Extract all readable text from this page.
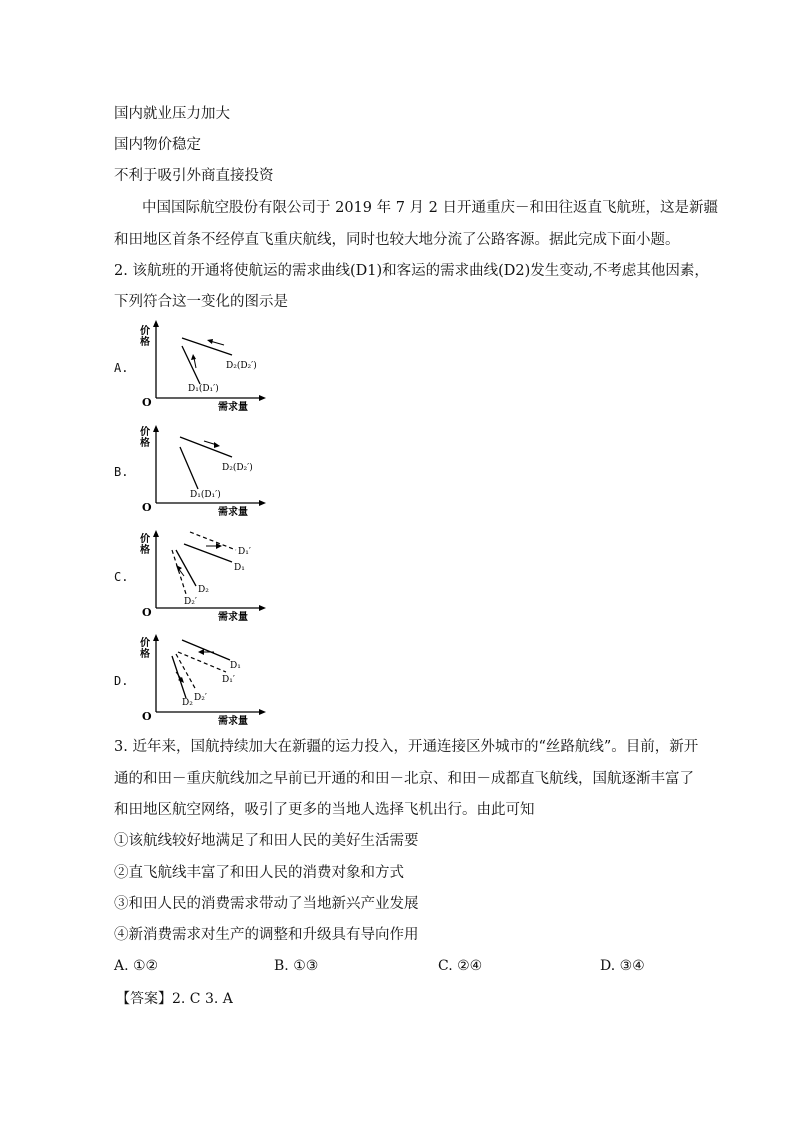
国内就业压力加大
国内物价稳定
不利于吸引外商直接投资
中国国际航空股份有限公司于 2019 年 7 月 2 日开通重庆－和田往返直飞航班，这是新疆
和田地区首条不经停直飞重庆航线，同时也较大地分流了公路客源。据此完成下面小题。
2. 该航班的开通将使航运的需求曲线(D1)和客运的需求曲线(D2)发生变动,不考虑其他因素，
下列符合这一变化的图示是
A.
价格
O	需求量
D₂(D₂′)
D₁(D₁′)
B.
价格
O	需求量
D₂(D₂′)
D₁(D₁′)
C.
价格
O	需求量
D₁′
D₁
D₂
D₂′
D.
价格
O	需求量
D₁
D₁′
D₂ D₂′
3. 近年来，国航持续加大在新疆的运力投入，开通连接区外城市的“丝路航线”。目前，新开
通的和田－重庆航线加之早前已开通的和田－北京、和田－成都直飞航线，国航逐渐丰富了
和田地区航空网络，吸引了更多的当地人选择飞机出行。由此可知
①该航线较好地满足了和田人民的美好生活需要
②直飞航线丰富了和田人民的消费对象和方式
③和田人民的消费需求带动了当地新兴产业发展
④新消费需求对生产的调整和升级具有导向作用
A. ①②	B. ①③	C. ②④	D. ③④
【答案】2. C 3. A
